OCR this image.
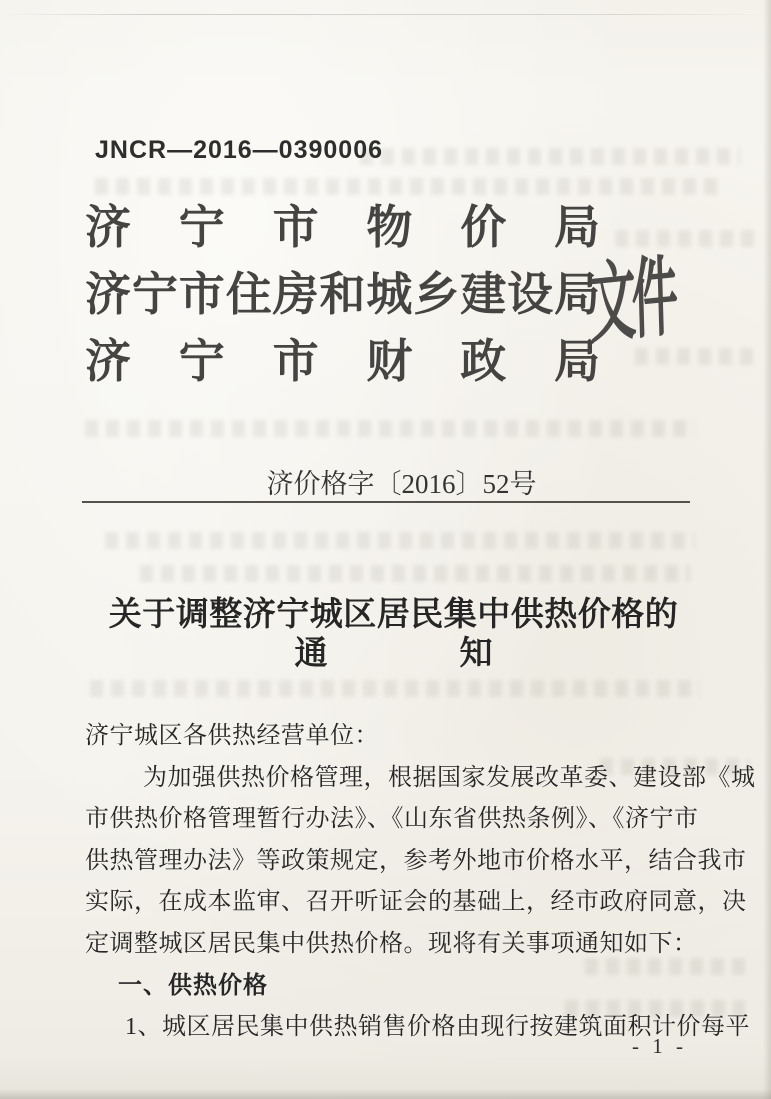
JNCR—2016—0390006
济宁市物价局
济宁市住房和城乡建设局
济宁市财政局
文件
济价格字〔2016〕52号
关于调整济宁城区居民集中供热价格的
通　　　　知
济宁城区各供热经营单位：
为加强供热价格管理，根据国家发展改革委、建设部《城
市供热价格管理暂行办法》、《山东省供热条例》、《济宁市
供热管理办法》等政策规定，参考外地市价格水平，结合我市
实际，在成本监审、召开听证会的基础上，经市政府同意，决
定调整城区居民集中供热价格。现将有关事项通知如下：
一、供热价格
1、城区居民集中供热销售价格由现行按建筑面积计价每平
- 1 -
